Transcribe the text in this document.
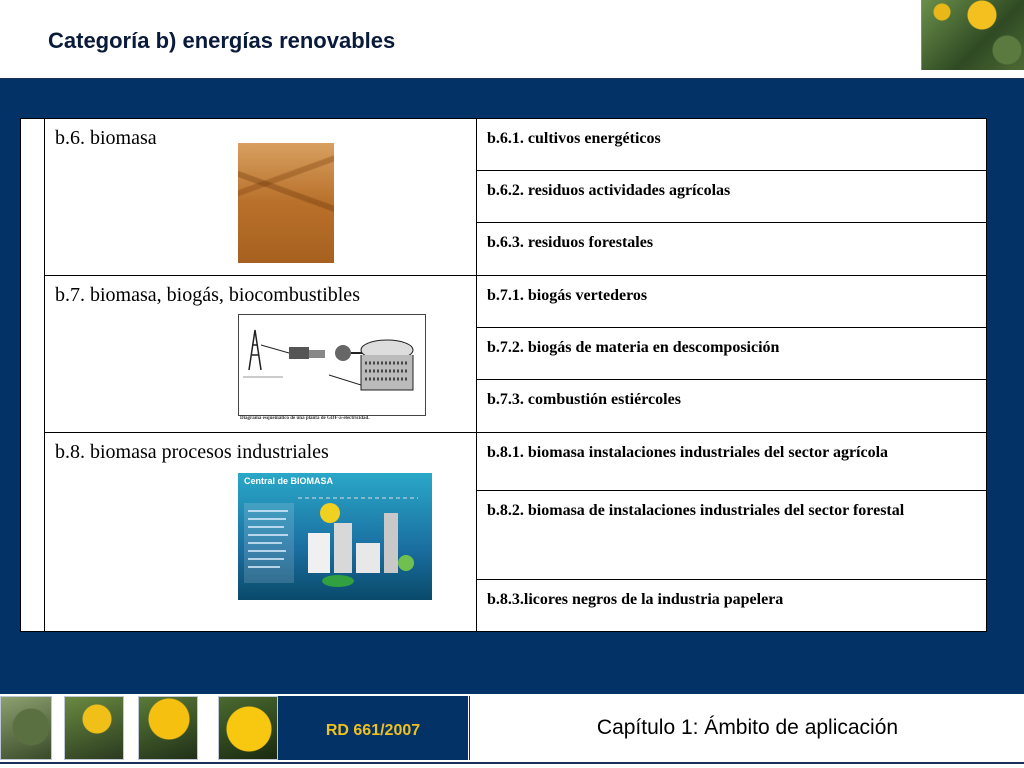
Categoría b) energías renovables
b.6. biomasa
b.7. biomasa, biogás, biocombustibles
Diagrama esquemático de una planta de GDF-a-electricidad.
b.8. biomasa procesos industriales
Central de BIOMASA
b.6.1. cultivos energéticos
b.6.2. residuos actividades agrícolas
b.6.3. residuos forestales
b.7.1. biogás vertederos
b.7.2. biogás de materia en descomposición
b.7.3. combustión estiércoles
b.8.1. biomasa instalaciones industriales del sector agrícola
b.8.2. biomasa de instalaciones industriales del sector forestal
b.8.3.licores negros de la industria papelera
RD 661/2007	Capítulo 1: Ámbito de aplicación
